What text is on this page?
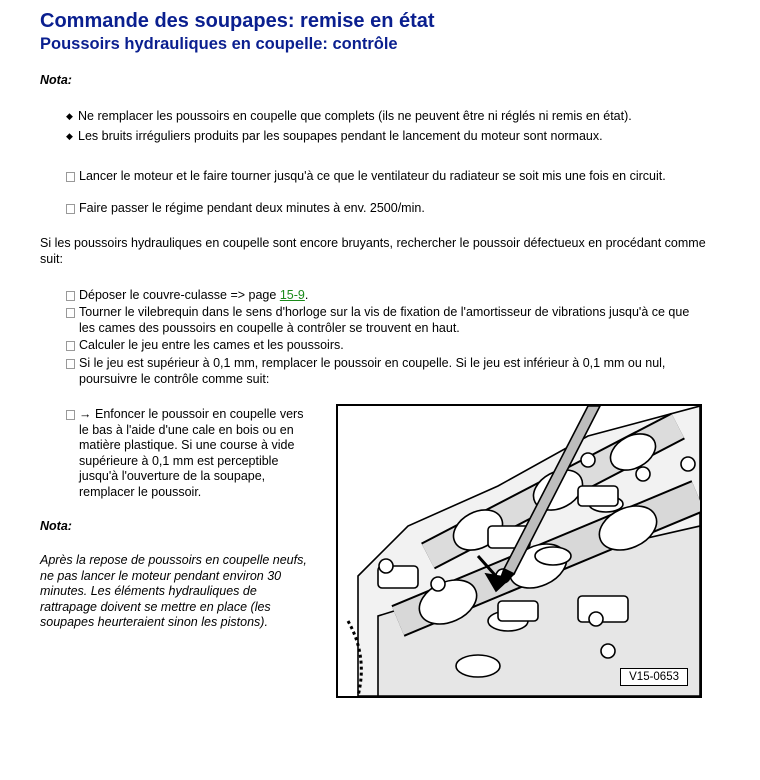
Commande des soupapes: remise en état
Poussoirs hydrauliques en coupelle: contrôle
Nota:
◆ Ne remplacer les poussoirs en coupelle que complets (ils ne peuvent être ni réglés ni remis en état).
◆ Les bruits irréguliers produits par les soupapes pendant le lancement du moteur sont normaux.
Lancer le moteur et le faire tourner jusqu'à ce que le ventilateur du radiateur se soit mis une fois en circuit.
Faire passer le régime pendant deux minutes à env. 2500/min.
Si les poussoirs hydrauliques en coupelle sont encore bruyants, rechercher le poussoir défectueux en procédant comme suit:
Déposer le couvre-culasse => page 15-9.
Tourner le vilebrequin dans le sens d'horloge sur la vis de fixation de l'amortisseur de vibrations jusqu'à ce que les cames des poussoirs en coupelle à contrôler se trouvent en haut.
Calculer le jeu entre les cames et les poussoirs.
Si le jeu est supérieur à 0,1 mm, remplacer le poussoir en coupelle. Si le jeu est inférieur à 0,1 mm ou nul, poursuivre le contrôle comme suit:
→ Enfoncer le poussoir en coupelle vers le bas à l'aide d'une cale en bois ou en matière plastique. Si une course à vide supérieure à 0,1 mm est perceptible jusqu'à l'ouverture de la soupape, remplacer le poussoir.
Nota:
Après la repose de poussoirs en coupelle neufs, ne pas lancer le moteur pendant environ 30 minutes. Les éléments hydrauliques de rattrapage doivent se mettre en place (les soupapes heurteraient sinon les pistons).
V15-0653
